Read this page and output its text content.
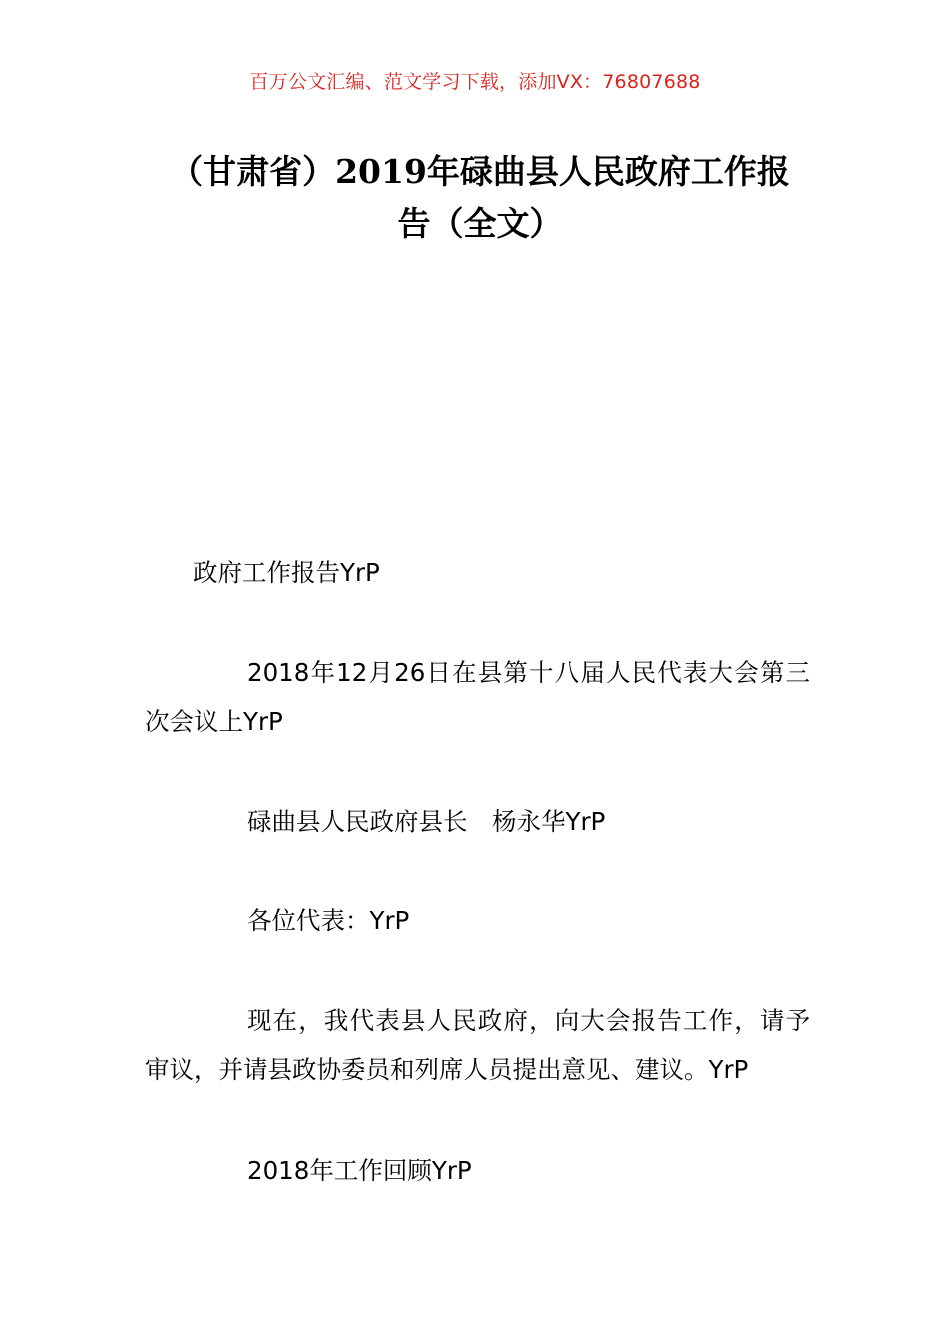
百万公文汇编、范文学习下载，添加VX：76807688
（甘肃省）2019年碌曲县人民政府工作报
告（全文）

政府工作报告YrP

2018年12月26日在县第十八届人民代表大会第三次会议上YrP

碌曲县人民政府县长　杨永华YrP

各位代表：YrP

现在，我代表县人民政府，向大会报告工作，请予审议，并请县政协委员和列席人员提出意见、建议。YrP

2018年工作回顾YrP
